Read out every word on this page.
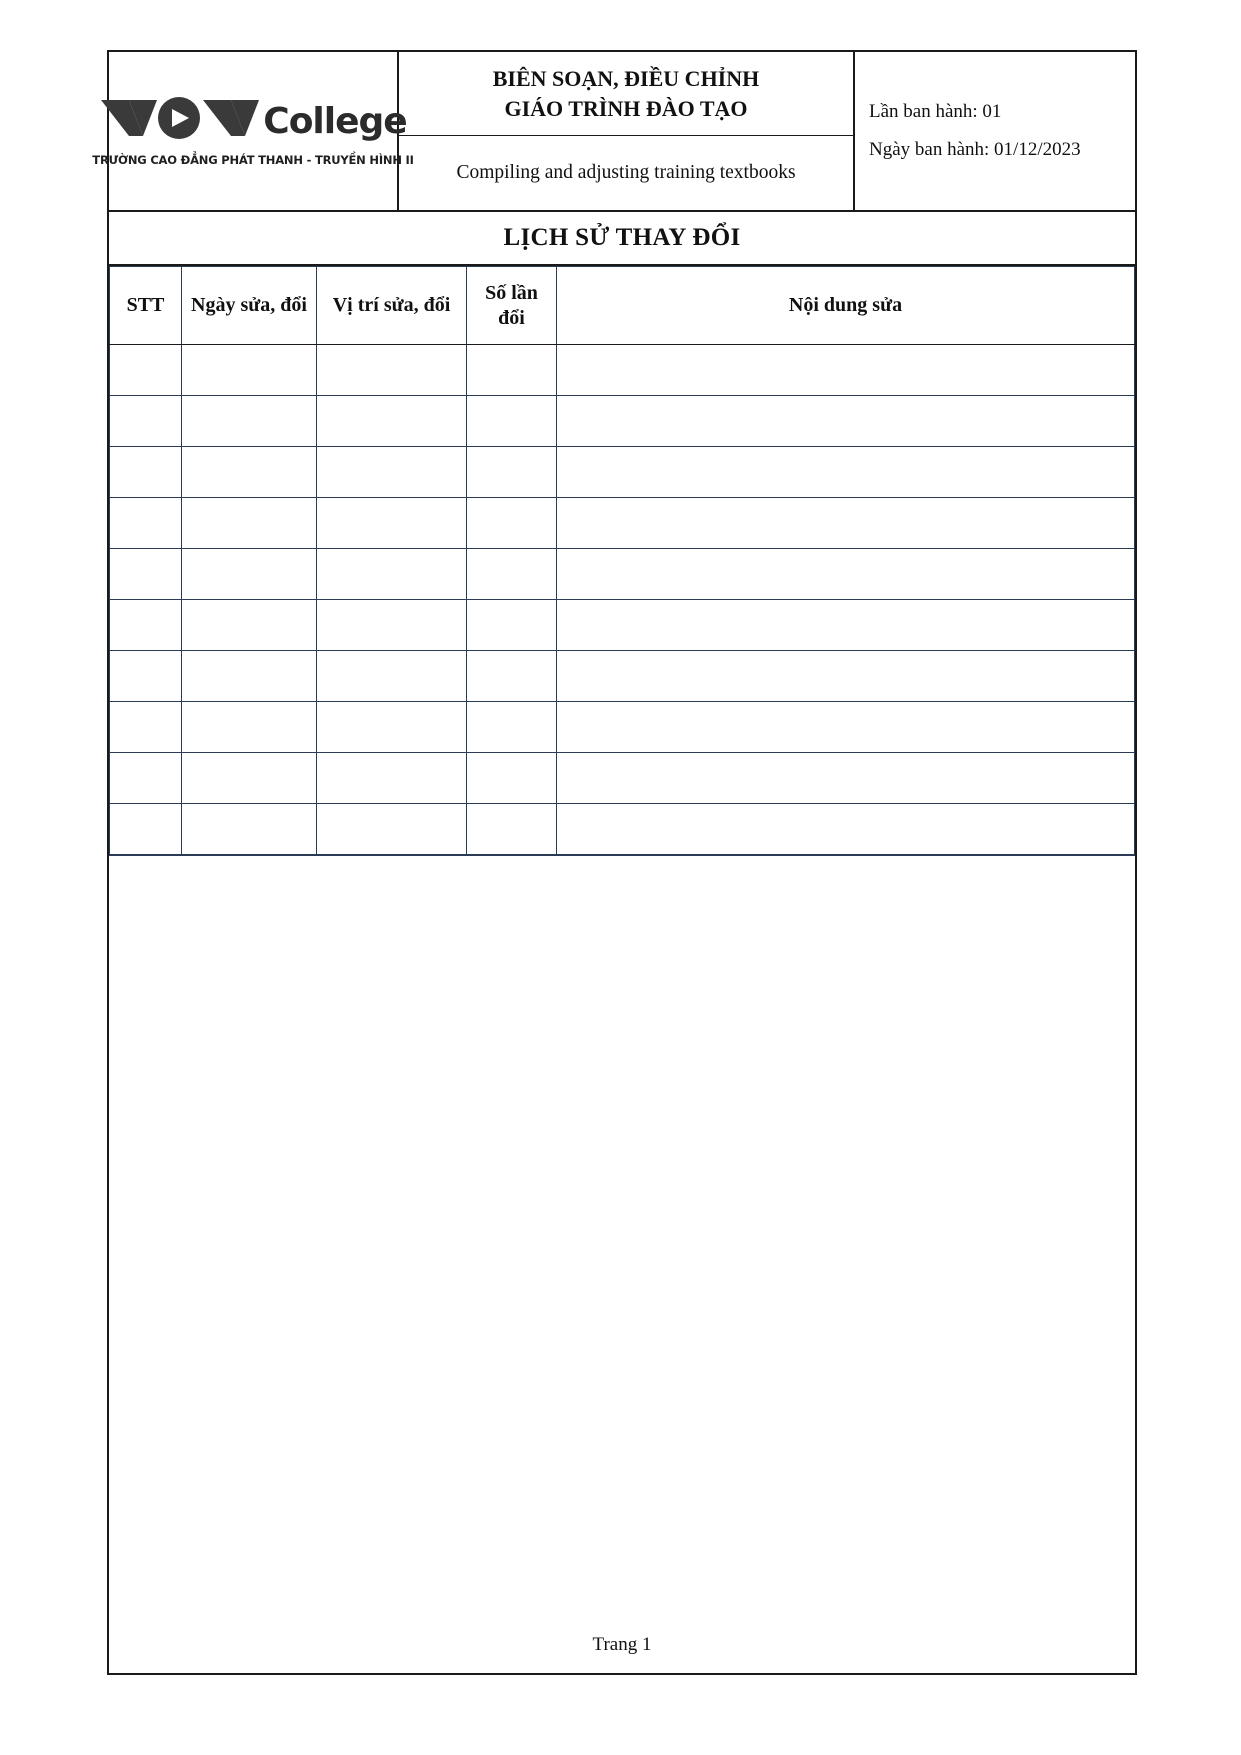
College
TRƯỜNG CAO ĐẲNG PHÁT THANH - TRUYỀN HÌNH II
BIÊN SOẠN, ĐIỀU CHỈNH
GIÁO TRÌNH ĐÀO TẠO
Compiling and adjusting training textbooks
Lần ban hành: 01
Ngày ban hành: 01/12/2023
LỊCH SỬ THAY ĐỔI
STT	Ngày sửa, đổi	Vị trí sửa, đổi	Số lần đổi	Nội dung sửa

Trang 1
